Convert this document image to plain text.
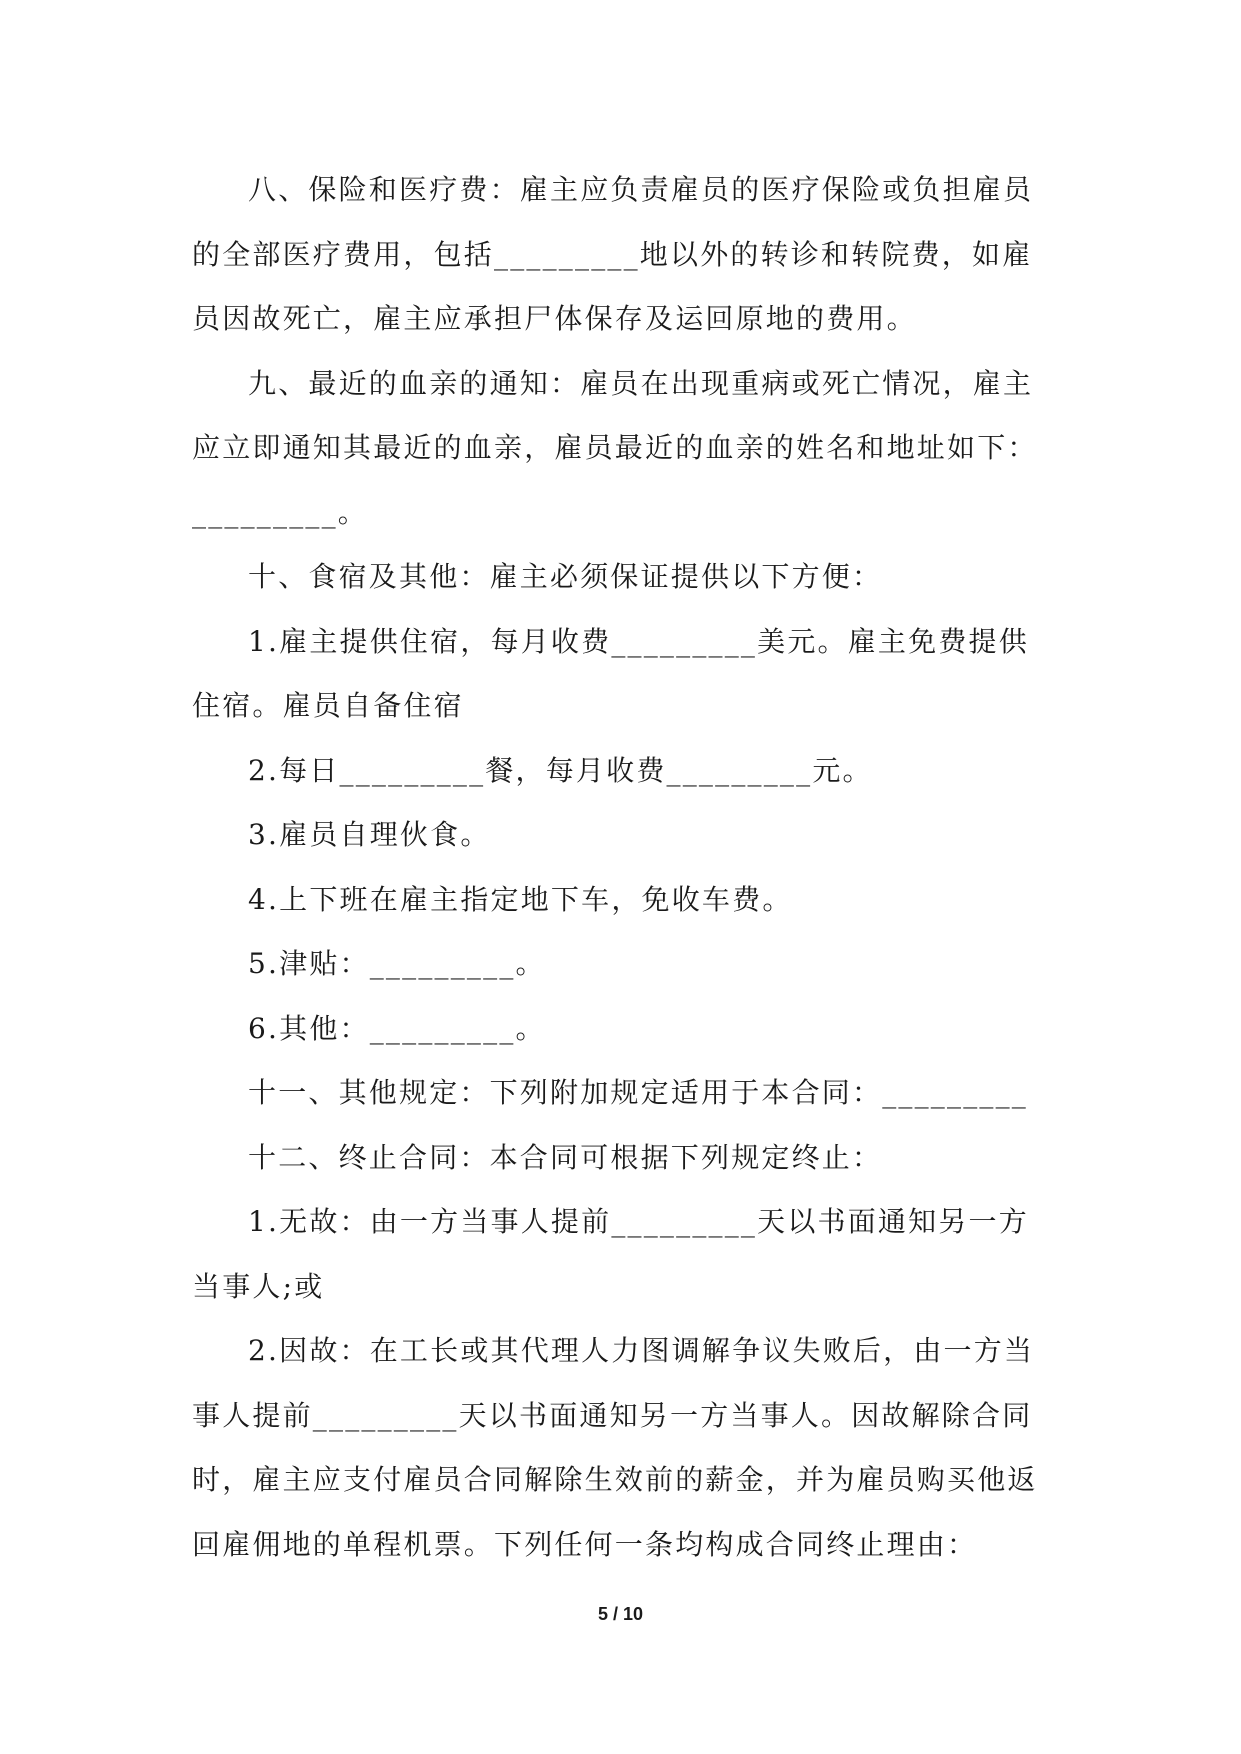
八、保险和医疗费：雇主应负责雇员的医疗保险或负担雇员
的全部医疗费用，包括_________地以外的转诊和转院费，如雇
员因故死亡，雇主应承担尸体保存及运回原地的费用。
九、最近的血亲的通知：雇员在出现重病或死亡情况，雇主
应立即通知其最近的血亲，雇员最近的血亲的姓名和地址如下：
_________。
十、食宿及其他：雇主必须保证提供以下方便：
1.雇主提供住宿，每月收费_________美元。雇主免费提供
住宿。雇员自备住宿
2.每日_________餐，每月收费_________元。
3.雇员自理伙食。
4.上下班在雇主指定地下车，免收车费。
5.津贴：_________。
6.其他：_________。
十一、其他规定：下列附加规定适用于本合同：_________
十二、终止合同：本合同可根据下列规定终止：
1.无故：由一方当事人提前_________天以书面通知另一方
当事人;或
2.因故：在工长或其代理人力图调解争议失败后，由一方当
事人提前_________天以书面通知另一方当事人。因故解除合同
时，雇主应支付雇员合同解除生效前的薪金，并为雇员购买他返
回雇佣地的单程机票。下列任何一条均构成合同终止理由：
5 / 10
